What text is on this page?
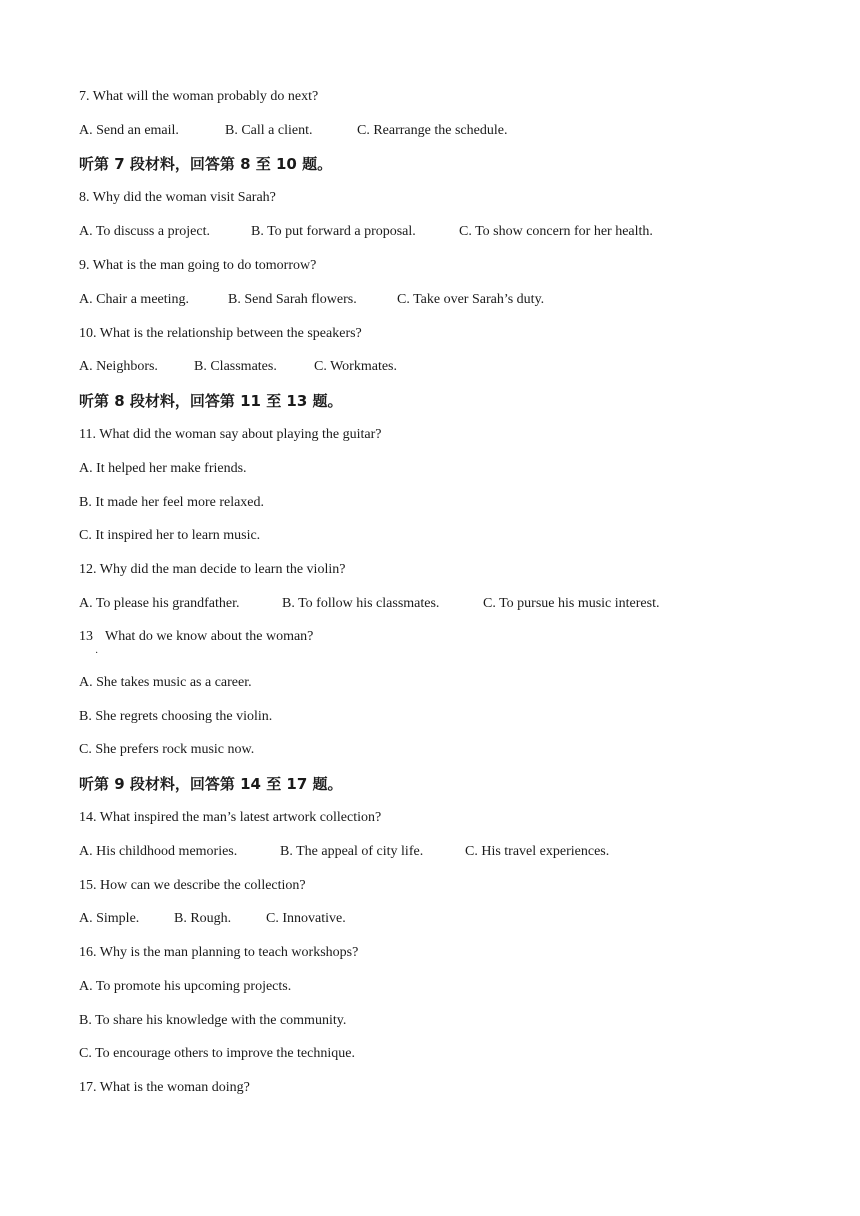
7. What will the woman probably do next?
A. Send an email.	B. Call a client.	C. Rearrange the schedule.
听第 7 段材料，回答第 8 至 10 题。
8. Why did the woman visit Sarah?
A. To discuss a project.	B. To put forward a proposal.	C. To show concern for her health.
9. What is the man going to do tomorrow?
A. Chair a meeting.	B. Send Sarah flowers.	C. Take over Sarah’s duty.
10. What is the relationship between the speakers?
A. Neighbors.	B. Classmates.	C. Workmates.
听第 8 段材料，回答第 11 至 13 题。
11. What did the woman say about playing the guitar?
A. It helped her make friends.
B. It made her feel more relaxed.
C. It inspired her to learn music.
12. Why did the man decide to learn the violin?
A. To please his grandfather.	B. To follow his classmates.	C. To pursue his music interest.
13 What do we know about the woman?
·
A. She takes music as a career.
B. She regrets choosing the violin.
C. She prefers rock music now.
听第 9 段材料，回答第 14 至 17 题。
14. What inspired the man’s latest artwork collection?
A. His childhood memories.	B. The appeal of city life.	C. His travel experiences.
15. How can we describe the collection?
A. Simple. B. Rough. C. Innovative.
16. Why is the man planning to teach workshops?
A. To promote his upcoming projects.
B. To share his knowledge with the community.
C. To encourage others to improve the technique.
17. What is the woman doing?
